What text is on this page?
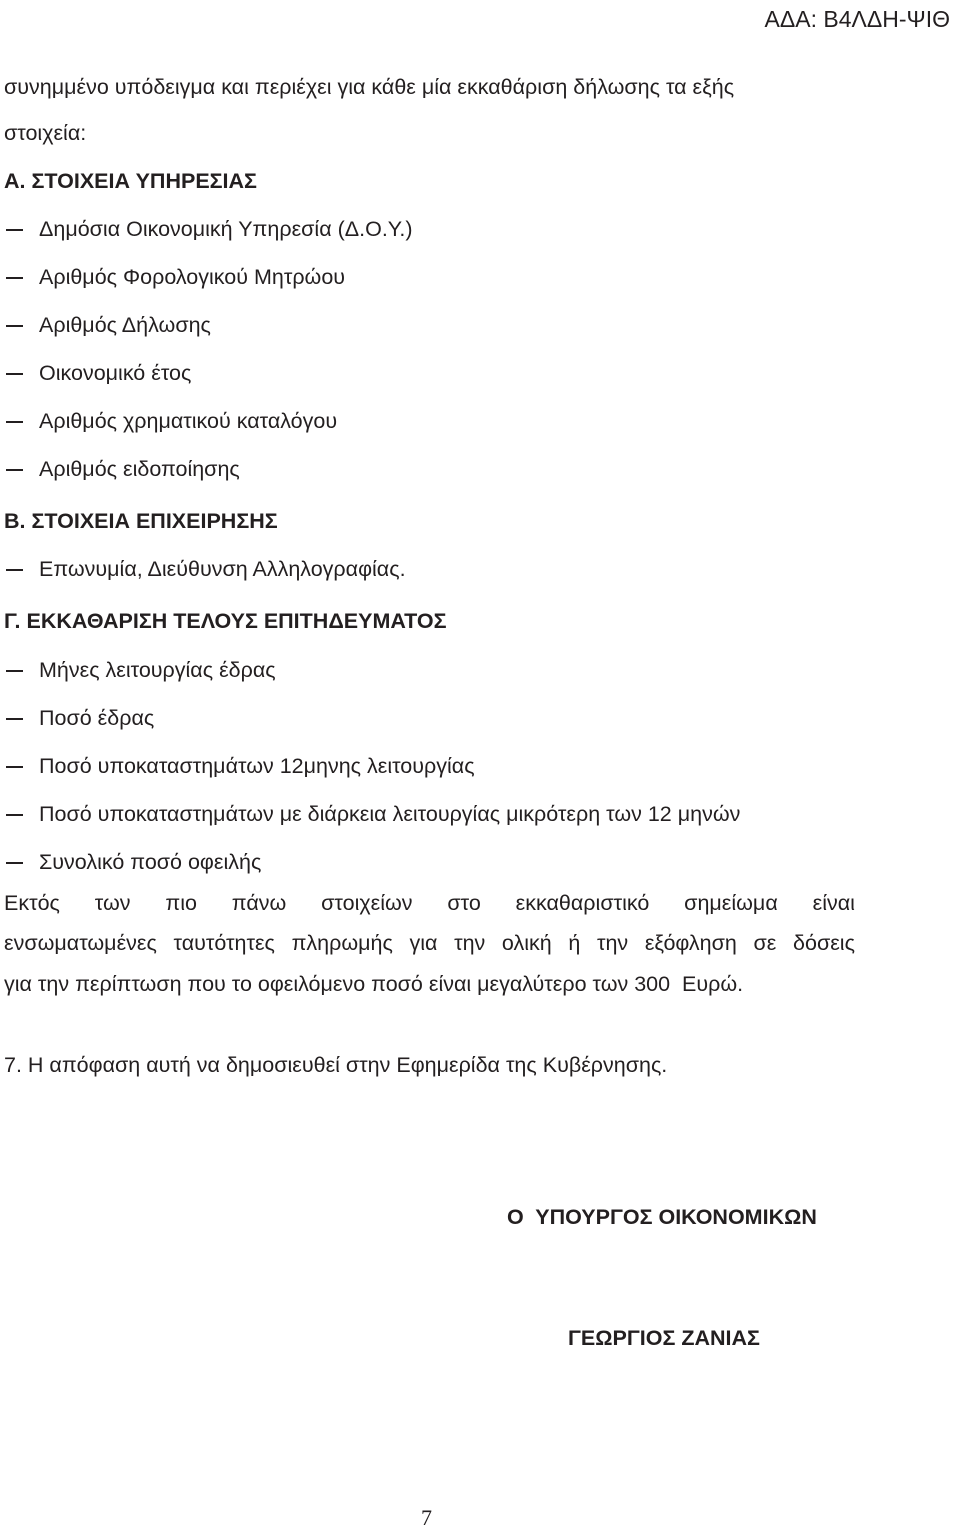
ΑΔΑ: Β4ΛΔΗ-ΨΙΘ
συνημμένο υπόδειγμα και περιέχει για κάθε μία εκκαθάριση δήλωσης τα εξής
στοιχεία:
Α. ΣΤΟΙΧΕΙΑ ΥΠΗΡΕΣΙΑΣ
Δημόσια Οικονομική Υπηρεσία (Δ.Ο.Υ.)
Αριθμός Φορολογικού Μητρώου
Αριθμός Δήλωσης
Οικονομικό έτος
Αριθμός χρηματικού καταλόγου
Αριθμός ειδοποίησης
Β. ΣΤΟΙΧΕΙΑ ΕΠΙΧΕΙΡΗΣΗΣ
Επωνυμία, Διεύθυνση Αλληλογραφίας.
Γ. ΕΚΚΑΘΑΡΙΣΗ ΤΕΛΟΥΣ ΕΠΙΤΗΔΕΥΜΑΤΟΣ
Μήνες λειτουργίας έδρας
Ποσό έδρας
Ποσό υποκαταστημάτων 12μηνης λειτουργίας
Ποσό υποκαταστημάτων με διάρκεια λειτουργίας μικρότερη των 12 μηνών
Συνολικό ποσό οφειλής
Εκτός των πιο πάνω στοιχείων στο εκκαθαριστικό σημείωμα είναι
ενσωματωμένες ταυτότητες πληρωμής για την ολική ή την εξόφληση σε δόσεις
για την περίπτωση που το οφειλόμενο ποσό είναι μεγαλύτερο των 300  Ευρώ.
7. Η απόφαση αυτή να δημοσιευθεί στην Εφημερίδα της Κυβέρνησης.
Ο  ΥΠΟΥΡΓΟΣ ΟΙΚΟΝΟΜΙΚΩΝ
ΓΕΩΡΓΙΟΣ ΖΑΝΙΑΣ
7
